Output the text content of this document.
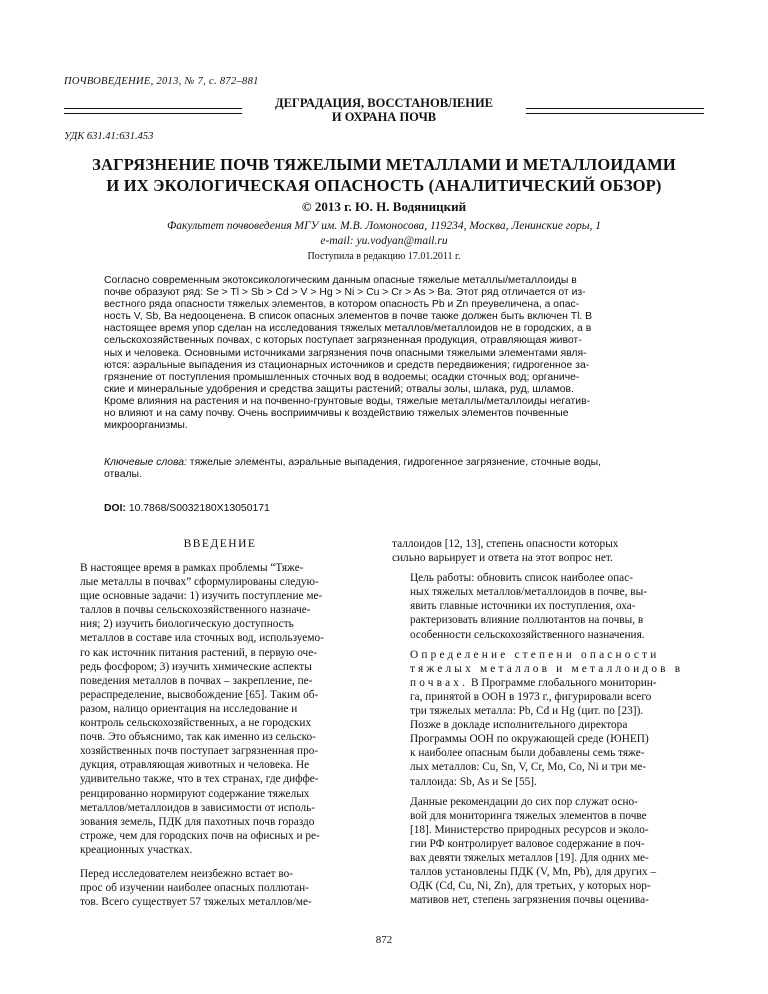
ПОЧВОВЕДЕНИЕ, 2013, № 7, с. 872–881
ДЕГРАДАЦИЯ, ВОССТАНОВЛЕНИЕ
И ОХРАНА ПОЧВ
УДК 631.41:631.453
ЗАГРЯЗНЕНИЕ ПОЧВ ТЯЖЕЛЫМИ МЕТАЛЛАМИ И МЕТАЛЛОИДАМИ
И ИХ ЭКОЛОГИЧЕСКАЯ ОПАСНОСТЬ (АНАЛИТИЧЕСКИЙ ОБЗОР)
© 2013 г. Ю. Н. Водяницкий
Факультет почвоведения МГУ им. М.В. Ломоносова, 119234, Москва, Ленинские горы, 1
e-mail: yu.vodyan@mail.ru
Поступила в редакцию 17.01.2011 г.
Согласно современным экотоксикологическим данным опасные тяжелые металлы/металлоиды в
почве образуют ряд: Se > Tl > Sb > Cd > V > Hg > Ni > Cu > Cr > As > Ba. Этот ряд отличается от из-
вестного ряда опасности тяжелых элементов, в котором опасность Pb и Zn преувеличена, а опас-
ность V, Sb, Ba недооценена. В список опасных элементов в почве также должен быть включен Tl. В
настоящее время упор сделан на исследования тяжелых металлов/металлоидов не в городских, а в
сельскохозяйственных почвах, с которых поступает загрязненная продукция, отравляющая живот-
ных и человека. Основными источниками загрязнения почв опасными тяжелыми элементами явля-
ются: аэральные выпадения из стационарных источников и средств передвижения; гидрогенное за-
грязнение от поступления промышленных сточных вод в водоемы; осадки сточных вод; органиче-
ские и минеральные удобрения и средства защиты растений; отвалы золы, шлака, руд, шламов.
Кроме влияния на растения и на почвенно-грунтовые воды, тяжелые металлы/металлоиды негатив-
но влияют и на саму почву. Очень восприимчивы к воздействию тяжелых элементов почвенные
микроорганизмы.
Ключевые слова: тяжелые элементы, аэральные выпадения, гидрогенное загрязнение, сточные воды,
отвалы.
DOI: 10.7868/S0032180X13050171
ВВЕДЕНИЕ
В настоящее время в рамках проблемы “Тяже-
лые металлы в почвах” сформулированы следую-
щие основные задачи: 1) изучить поступление ме-
таллов в почвы сельскохозяйственного назначе-
ния; 2) изучить биологическую доступность
металлов в составе ила сточных вод, используемо-
го как источник питания растений, в первую оче-
редь фосфором; 3) изучить химические аспекты
поведения металлов в почвах – закрепление, пе-
рераспределение, высвобождение [65]. Таким об-
разом, налицо ориентация на исследование и
контроль сельскохозяйственных, а не городских
почв. Это объяснимо, так как именно из сельско-
хозяйственных почв поступает загрязненная про-
дукция, отравляющая животных и человека. Не
удивительно также, что в тех странах, где диффе-
ренцированно нормируют содержание тяжелых
металлов/металлоидов в зависимости от исполь-
зования земель, ПДК для пахотных почв гораздо
строже, чем для городских почв на офисных и ре-
креационных участках.
Перед исследователем неизбежно встает во-
прос об изучении наиболее опасных поллютан-
тов. Всего существует 57 тяжелых металлов/ме-
таллоидов [12, 13], степень опасности которых
сильно варьирует и ответа на этот вопрос нет.
Цель работы: обновить список наиболее опас-
ных тяжелых металлов/металлоидов в почве, вы-
явить главные источники их поступления, оха-
рактеризовать влияние поллютантов на почвы, в
особенности сельскохозяйственного назначения.
Определение степени опасности
тяжелых металлов и металлоидов в
почвах. В Программе глобального мониторин-
га, принятой в ООН в 1973 г., фигурировали всего
три тяжелых металла: Pb, Cd и Hg (цит. по [23]).
Позже в докладе исполнительного директора
Программы ООН по окружающей среде (ЮНЕП)
к наиболее опасным были добавлены семь тяже-
лых металлов: Cu, Sn, V, Cr, Mo, Co, Ni и три ме-
таллоида: Sb, As и Se [55].
Данные рекомендации до сих пор служат осно-
вой для мониторинга тяжелых элементов в почве
[18]. Министерство природных ресурсов и эколо-
гии РФ контролирует валовое содержание в поч-
вах девяти тяжелых металлов [19]. Для одних ме-
таллов установлены ПДК (V, Mn, Pb), для других –
ОДК (Cd, Cu, Ni, Zn), для третьих, у которых нор-
мативов нет, степень загрязнения почвы оценива-
872
